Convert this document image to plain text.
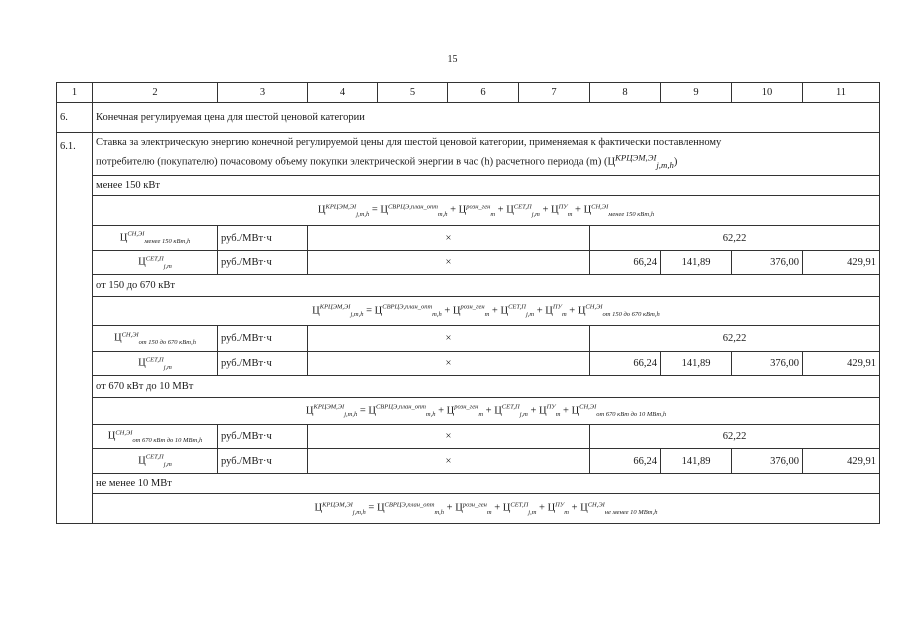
15
1	2	3	4	5	6	7	8	9	10	11
6.	Конечная регулируемая цена для шестой ценовой категории									
6.1.	Ставка за электрическую энергию конечной регулируемой цены для шестой ценовой категории, применяемая к фактически поставленному
потребителю (покупателю) почасовому объему покупки электрической энергии в час (h) расчетного периода (m) $(Ц^{КРЦЭМ,ЭI}_{j,m,h})$									
	менее 150 кВт									
	$Ц^{КРЦЭМ,ЭI}_{j,m,h} = Ц^{СВРЦЭ,план\_опт}_{m,h} + Ц^{розн\_ген}_m + Ц^{СЕТ,П}_{j,m} + Ц^{ПУ}_m + Ц^{СН,ЭI}_{менее 150 кВт,h}$
	$Ц^{СН,ЭI}_{менее 150 кВт,h}$	руб./МВт·ч	×				62,22			
	$Ц^{СЕТ,П}_{j,m}$	руб./МВт·ч	×				66,24	141,89	376,00	429,91
	от 150 до 670 кВт									
	$Ц^{КРЦЭМ,ЭI}_{j,m,h} = Ц^{СВРЦЭ,план\_опт}_{m,h} + Ц^{розн\_ген}_m + Ц^{СЕТ,П}_{j,m} + Ц^{ПУ}_m + Ц^{СН,ЭI}_{от 150 до 670 кВт,h}$
	$Ц^{СН,ЭI}_{от 150 до 670 кВт,h}$	руб./МВт·ч	×				62,22			
	$Ц^{СЕТ,П}_{j,m}$	руб./МВт·ч	×				66,24	141,89	376,00	429,91
	от 670 кВт до 10 МВт									
	$Ц^{КРЦЭМ,ЭI}_{j,m,h} = Ц^{СВРЦЭ,план\_опт}_{m,h} + Ц^{розн\_ген}_m + Ц^{СЕТ,П}_{j,m} + Ц^{ПУ}_m + Ц^{СН,ЭI}_{от 670 кВт до 10 МВт,h}$
	$Ц^{СН,ЭI}_{от 670 кВт до 10 МВт,h}$	руб./МВт·ч	×				62,22			
	$Ц^{СЕТ,П}_{j,m}$	руб./МВт·ч	×				66,24	141,89	376,00	429,91
	не менее 10 МВт									
	$Ц^{КРЦЭМ,ЭI}_{j,m,h} = Ц^{СВРЦЭ,план\_опт}_{m,h} + Ц^{розн\_ген}_m + Ц^{СЕТ,П}_{j,m} + Ц^{ПУ}_m + Ц^{СН,ЭI}_{не менее 10 МВт,h}$
